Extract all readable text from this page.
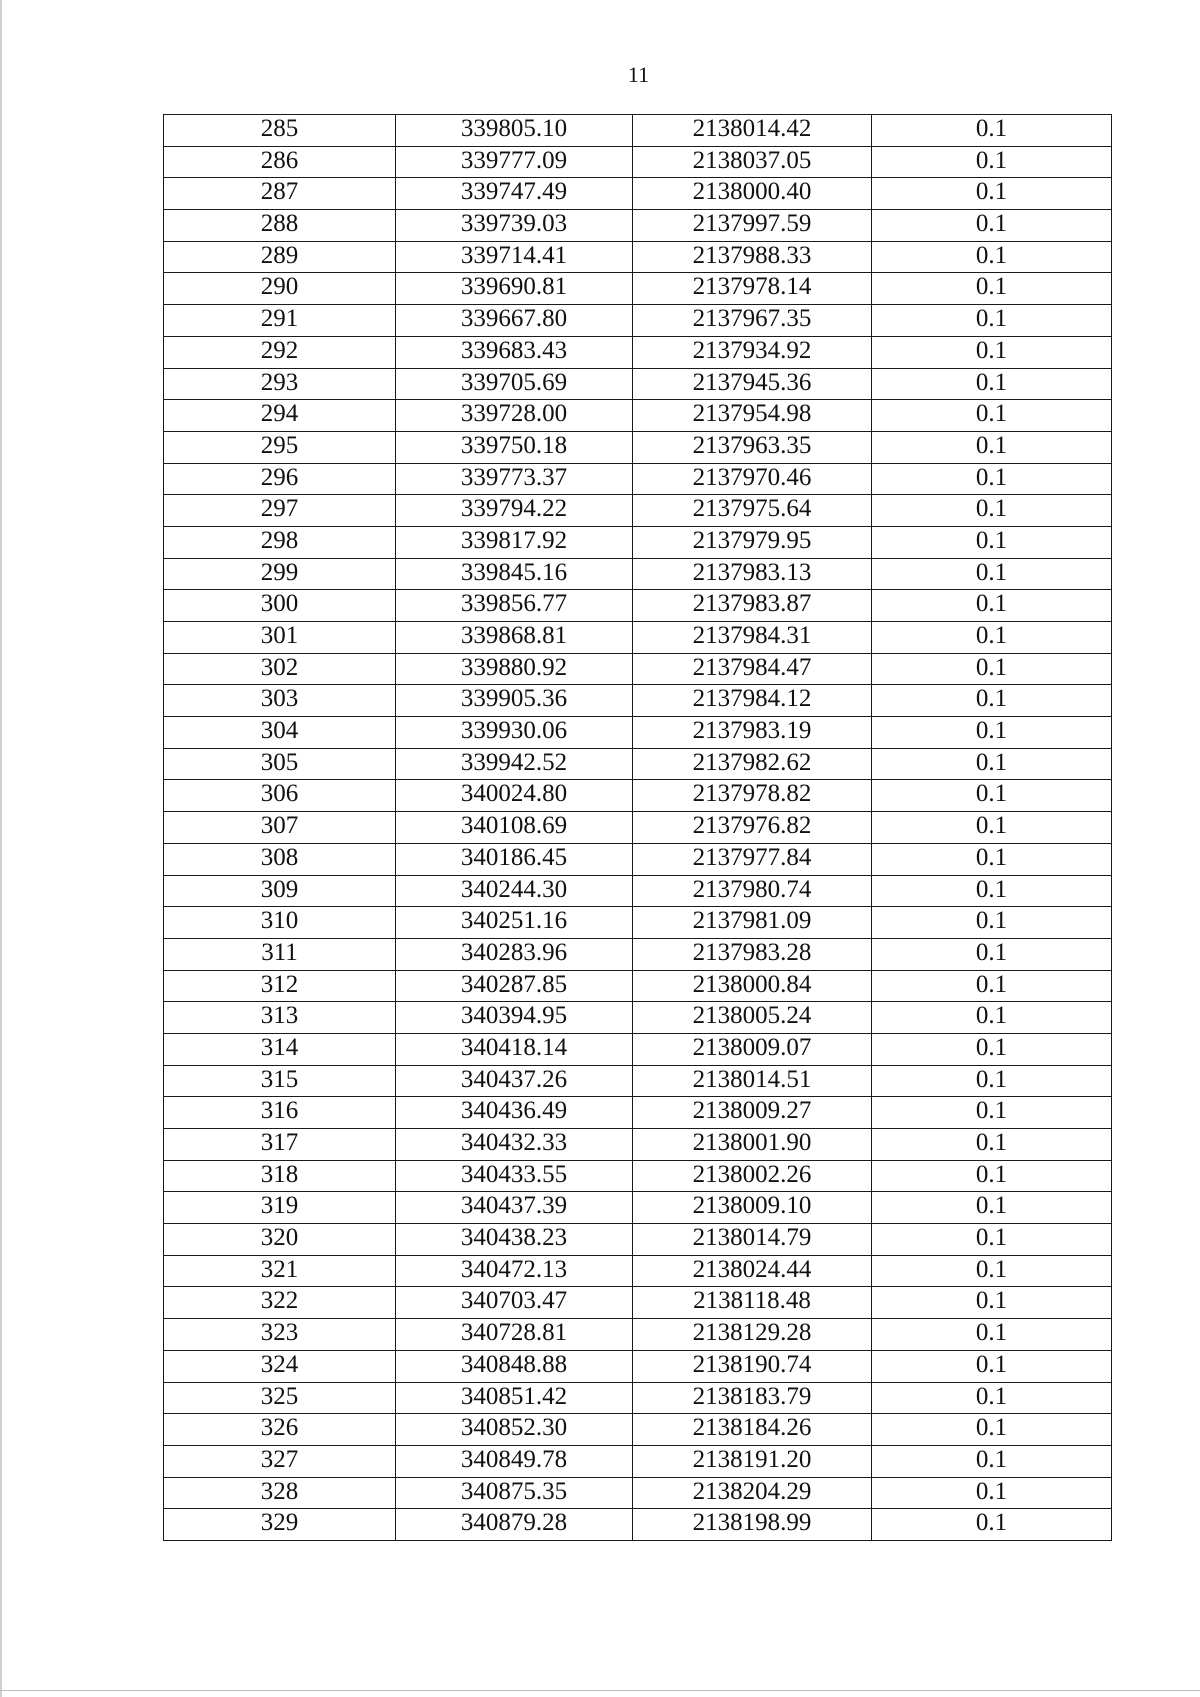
11
285	339805.10	2138014.42	0.1
286	339777.09	2138037.05	0.1
287	339747.49	2138000.40	0.1
288	339739.03	2137997.59	0.1
289	339714.41	2137988.33	0.1
290	339690.81	2137978.14	0.1
291	339667.80	2137967.35	0.1
292	339683.43	2137934.92	0.1
293	339705.69	2137945.36	0.1
294	339728.00	2137954.98	0.1
295	339750.18	2137963.35	0.1
296	339773.37	2137970.46	0.1
297	339794.22	2137975.64	0.1
298	339817.92	2137979.95	0.1
299	339845.16	2137983.13	0.1
300	339856.77	2137983.87	0.1
301	339868.81	2137984.31	0.1
302	339880.92	2137984.47	0.1
303	339905.36	2137984.12	0.1
304	339930.06	2137983.19	0.1
305	339942.52	2137982.62	0.1
306	340024.80	2137978.82	0.1
307	340108.69	2137976.82	0.1
308	340186.45	2137977.84	0.1
309	340244.30	2137980.74	0.1
310	340251.16	2137981.09	0.1
311	340283.96	2137983.28	0.1
312	340287.85	2138000.84	0.1
313	340394.95	2138005.24	0.1
314	340418.14	2138009.07	0.1
315	340437.26	2138014.51	0.1
316	340436.49	2138009.27	0.1
317	340432.33	2138001.90	0.1
318	340433.55	2138002.26	0.1
319	340437.39	2138009.10	0.1
320	340438.23	2138014.79	0.1
321	340472.13	2138024.44	0.1
322	340703.47	2138118.48	0.1
323	340728.81	2138129.28	0.1
324	340848.88	2138190.74	0.1
325	340851.42	2138183.79	0.1
326	340852.30	2138184.26	0.1
327	340849.78	2138191.20	0.1
328	340875.35	2138204.29	0.1
329	340879.28	2138198.99	0.1
